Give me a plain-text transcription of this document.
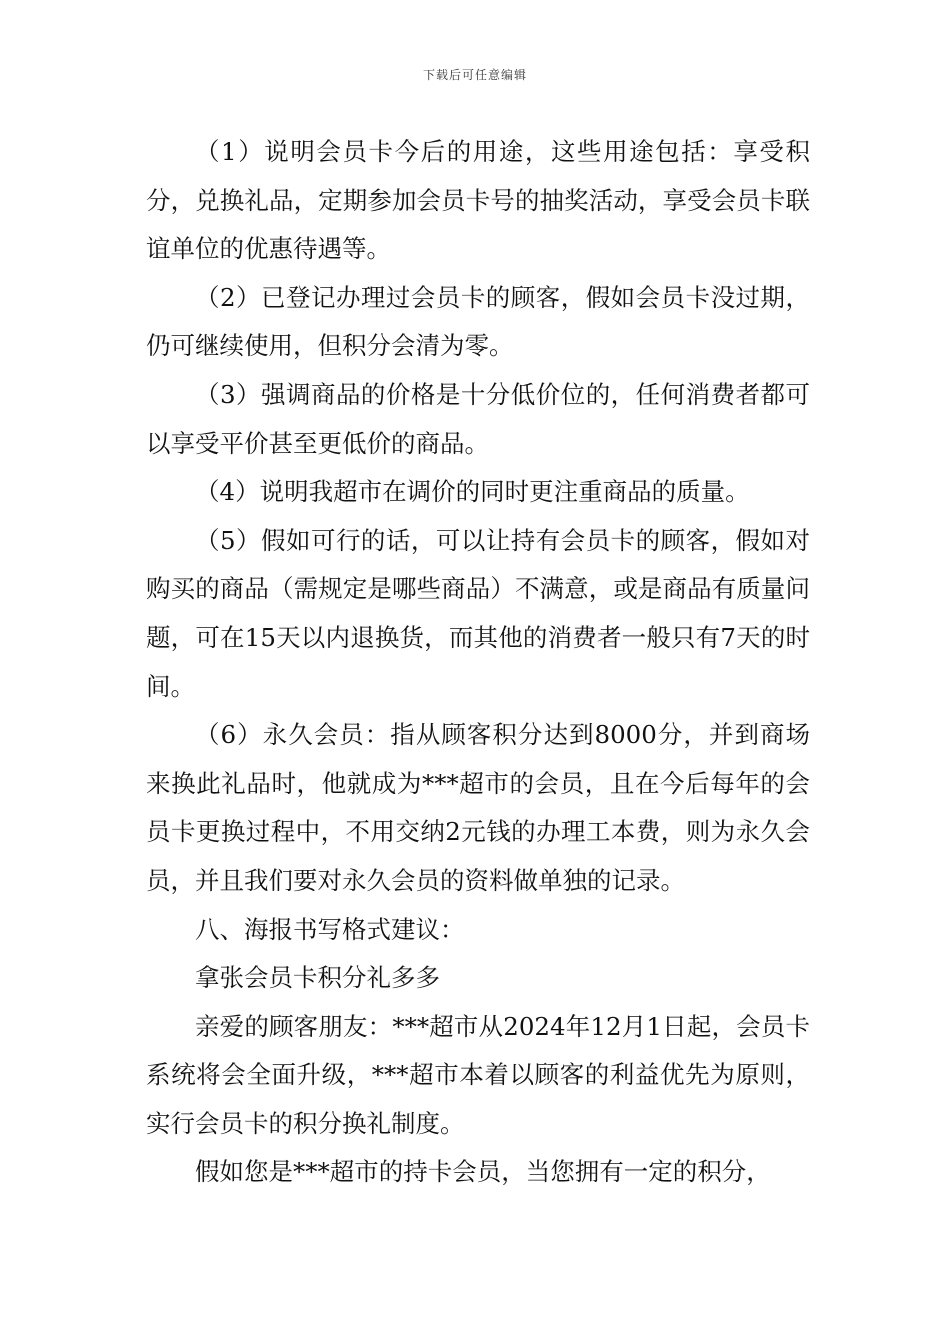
下载后可任意编辑

（1）说明会员卡今后的用途，这些用途包括：享受积分，兑换礼品，定期参加会员卡号的抽奖活动，享受会员卡联谊单位的优惠待遇等。

（2）已登记办理过会员卡的顾客，假如会员卡没过期，仍可继续使用，但积分会清为零。

（3）强调商品的价格是十分低价位的，任何消费者都可以享受平价甚至更低价的商品。

（4）说明我超市在调价的同时更注重商品的质量。

（5）假如可行的话，可以让持有会员卡的顾客，假如对购买的商品（需规定是哪些商品）不满意，或是商品有质量问题，可在15天以内退换货，而其他的消费者一般只有7天的时间。

（6）永久会员：指从顾客积分达到8000分，并到商场来换此礼品时，他就成为***超市的会员，且在今后每年的会员卡更换过程中，不用交纳2元钱的办理工本费，则为永久会员，并且我们要对永久会员的资料做单独的记录。

八、海报书写格式建议：

拿张会员卡积分礼多多

亲爱的顾客朋友：***超市从2024年12月1日起，会员卡系统将会全面升级，***超市本着以顾客的利益优先为原则，实行会员卡的积分换礼制度。

假如您是***超市的持卡会员，当您拥有一定的积分，
